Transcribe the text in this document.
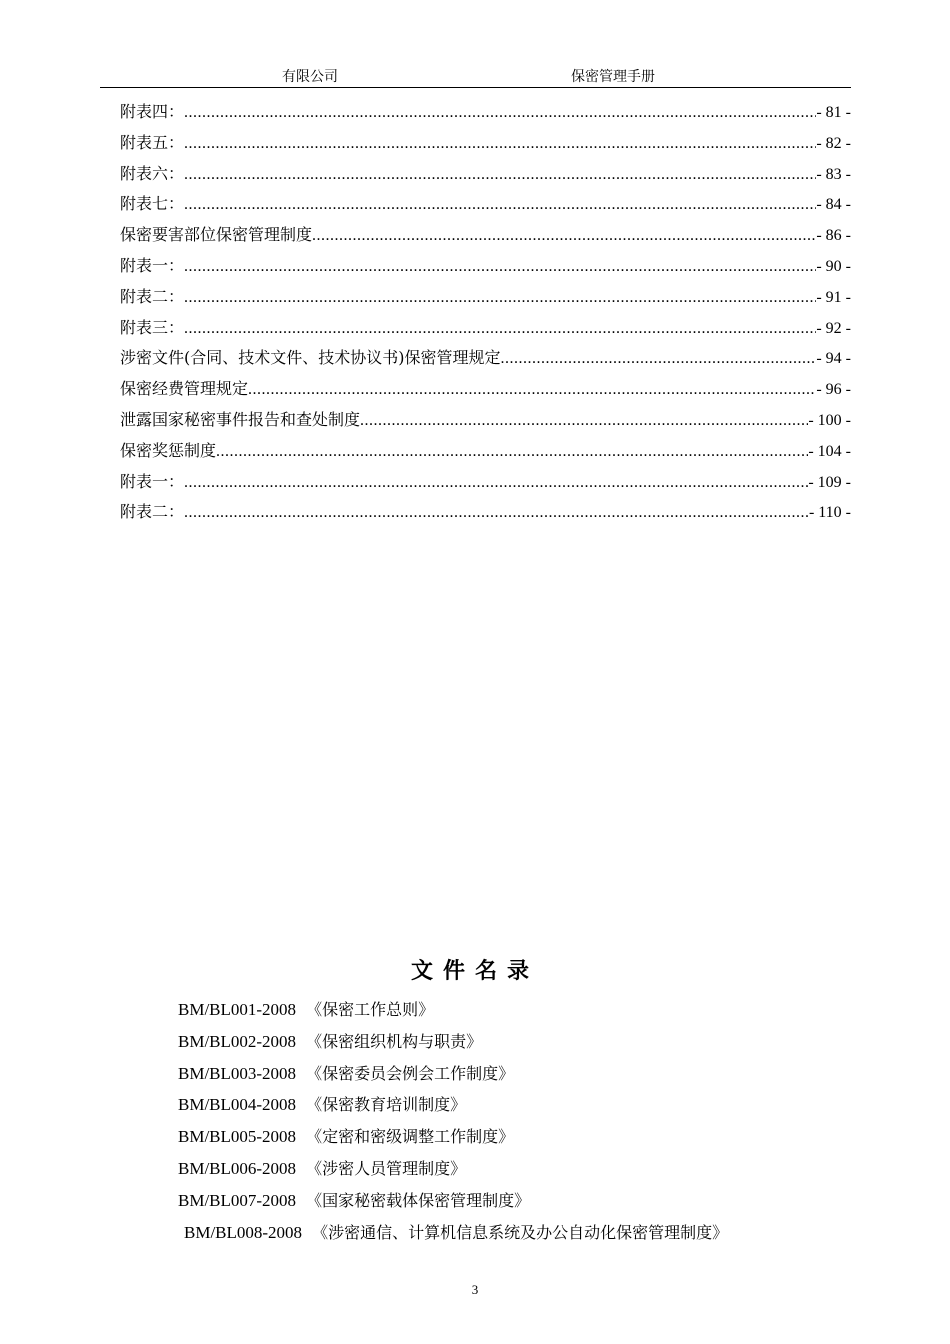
有限公司	保密管理手册
附表四： .....	- 81 -
附表五： .....	- 82 -
附表六： .....	- 83 -
附表七： .....	- 84 -
保密要害部位保密管理制度 .....	- 86 -
附表一： .....	- 90 -
附表二： .....	- 91 -
附表三： .....	- 92 -
涉密文件(合同、技术文件、技术协议书)保密管理规定 .....	- 94 -
保密经费管理规定 .....	- 96 -
泄露国家秘密事件报告和查处制度 .....	- 100 -
保密奖惩制度 .....	- 104 -
附表一： .....	- 109 -
附表二： .....	- 110 -
文件名录
BM/BL001-2008 《保密工作总则》
BM/BL002-2008 《保密组织机构与职责》
BM/BL003-2008 《保密委员会例会工作制度》
BM/BL004-2008 《保密教育培训制度》
BM/BL005-2008 《定密和密级调整工作制度》
BM/BL006-2008 《涉密人员管理制度》
BM/BL007-2008 《国家秘密载体保密管理制度》
BM/BL008-2008 《涉密通信、计算机信息系统及办公自动化保密管理制度》
3
